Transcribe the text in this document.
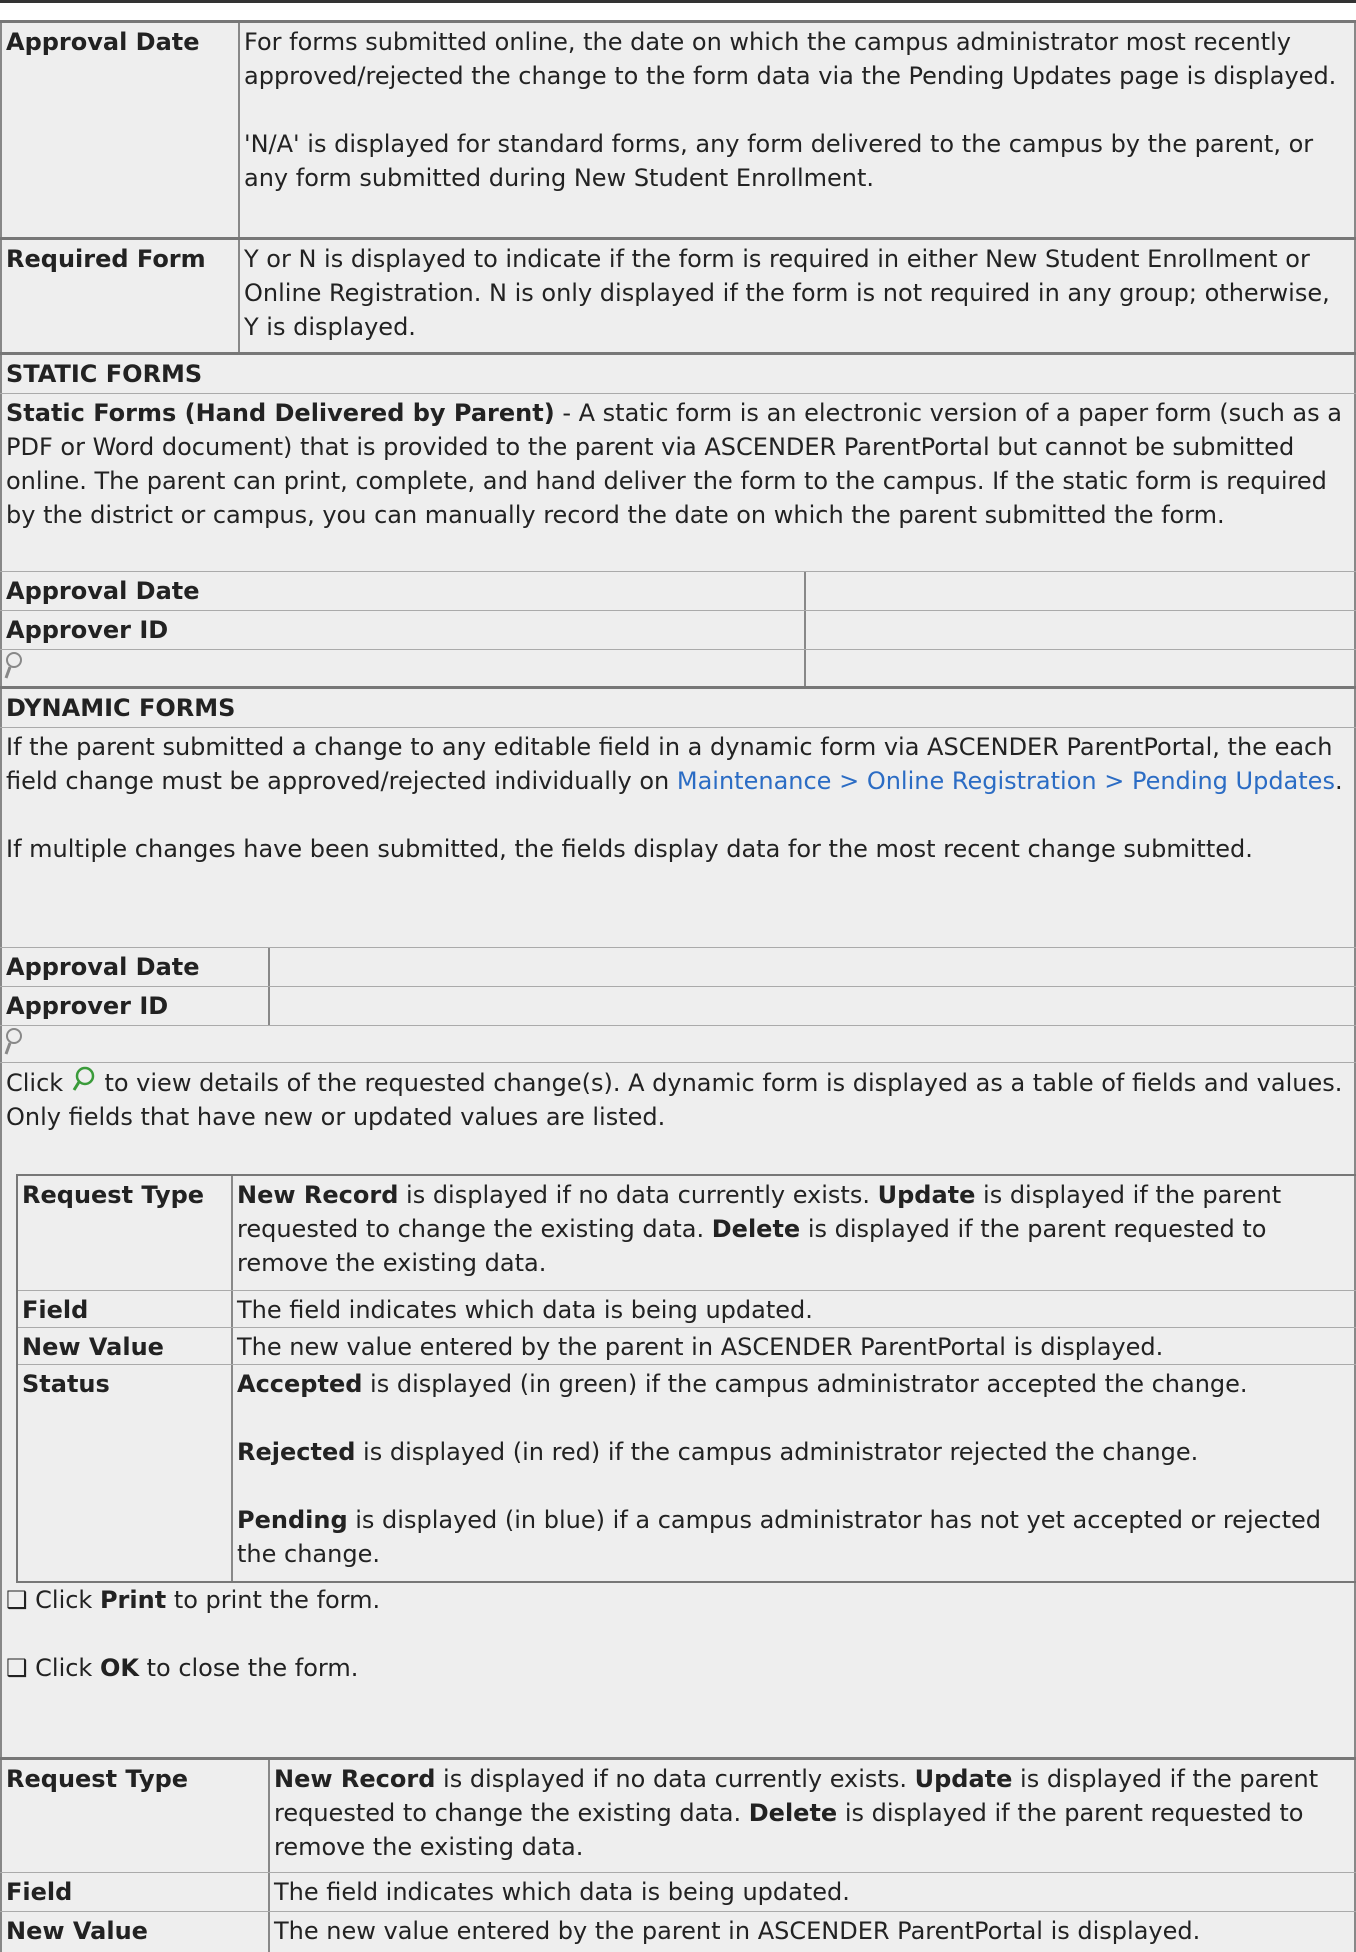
Approval Date	For forms submitted online, the date on which the campus administrator most recently approved/rejected the change to the form data via the Pending Updates page is displayed.

'N/A' is displayed for standard forms, any form delivered to the campus by the parent, or any form submitted during New Student Enrollment.

Required Form	Y or N is displayed to indicate if the form is required in either New Student Enrollment or Online Registration. N is only displayed if the form is not required in any group; otherwise, Y is displayed.

STATIC FORMS

Static Forms (Hand Delivered by Parent) - A static form is an electronic version of a paper form (such as a PDF or Word document) that is provided to the parent via ASCENDER ParentPortal but cannot be submitted online. The parent can print, complete, and hand deliver the form to the campus. If the static form is required by the district or campus, you can manually record the date on which the parent submitted the form.

Approval Date
Approver ID
DYNAMIC FORMS

If the parent submitted a change to any editable field in a dynamic form via ASCENDER ParentPortal, the each field change must be approved/rejected individually on Maintenance > Online Registration > Pending Updates.

If multiple changes have been submitted, the fields display data for the most recent change submitted.

Approval Date
Approver ID

Click  to view details of the requested change(s). A dynamic form is displayed as a table of fields and values. Only fields that have new or updated values are listed.

Request Type	New Record is displayed if no data currently exists. Update is displayed if the parent requested to change the existing data. Delete is displayed if the parent requested to remove the existing data.
Field	The field indicates which data is being updated.
New Value	The new value entered by the parent in ASCENDER ParentPortal is displayed.
Status	Accepted is displayed (in green) if the campus administrator accepted the change.

Rejected is displayed (in red) if the campus administrator rejected the change.

Pending is displayed (in blue) if a campus administrator has not yet accepted or rejected the change.

❑ Click Print to print the form.

❑ Click OK to close the form.

Request Type	New Record is displayed if no data currently exists. Update is displayed if the parent requested to change the existing data. Delete is displayed if the parent requested to remove the existing data.
Field	The field indicates which data is being updated.
New Value	The new value entered by the parent in ASCENDER ParentPortal is displayed.
